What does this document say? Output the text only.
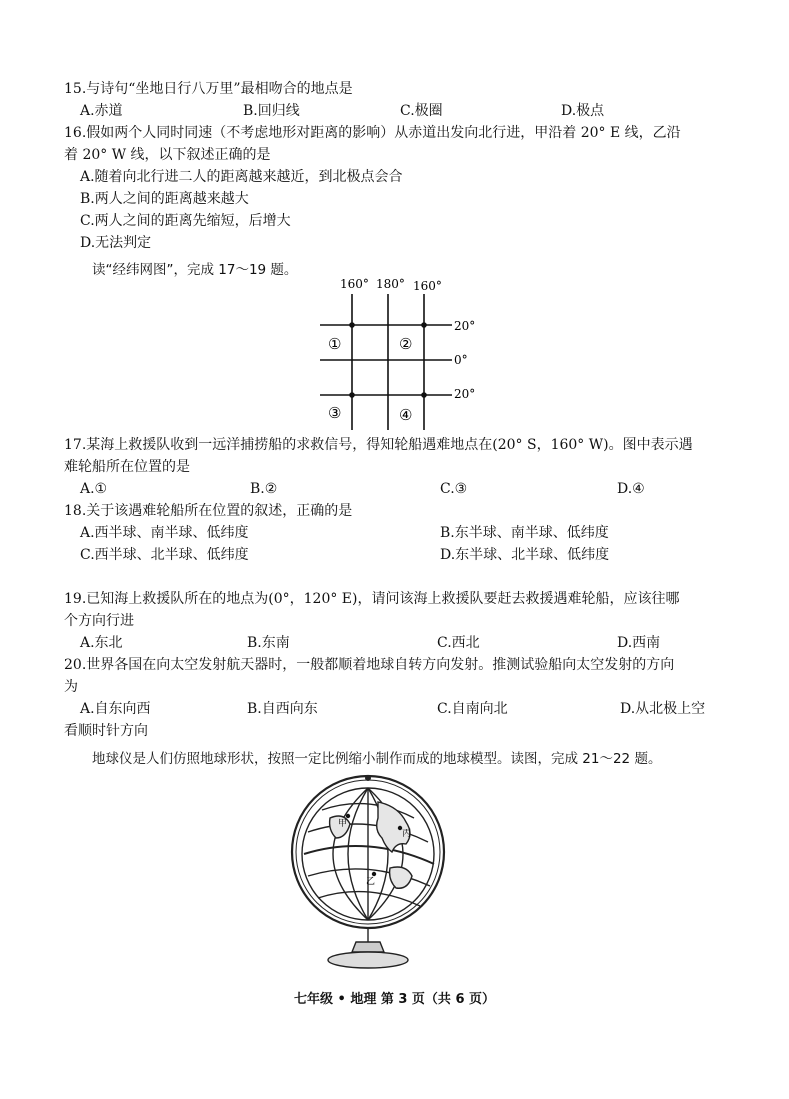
15.与诗句“坐地日行八万里”最相吻合的地点是
A.赤道	B.回归线	C.极圈	D.极点
16.假如两个人同时同速（不考虑地形对距离的影响）从赤道出发向北行进，甲沿着 20° E 线，乙沿
着 20° W 线，以下叙述正确的是
A.随着向北行进二人的距离越来越近，到北极点会合
B.两人之间的距离越来越大
C.两人之间的距离先缩短，后增大
D.无法判定
读“经纬网图”，完成 17～19 题。
160° 180° 160°
20°
0°
20°
①	②
③	④
17.某海上救援队收到一远洋捕捞船的求救信号，得知轮船遇难地点在(20° S，160° W)。图中表示遇
难轮船所在位置的是
A.①	B.②	C.③	D.④
18.关于该遇难轮船所在位置的叙述，正确的是
A.西半球、南半球、低纬度	B.东半球、南半球、低纬度
C.西半球、北半球、低纬度	D.东半球、北半球、低纬度
19.已知海上救援队所在的地点为(0°，120° E)，请问该海上救援队要赶去救援遇难轮船，应该往哪
个方向行进
A.东北	B.东南	C.西北	D.西南
20.世界各国在向太空发射航天器时，一般都顺着地球自转方向发射。推测试验船向太空发射的方向
为
A.自东向西	B.自西向东	C.自南向北	D.从北极上空
看顺时针方向
地球仪是人们仿照地球形状，按照一定比例缩小制作而成的地球模型。读图，完成 21～22 题。
甲
乙
丙
七年级 • 地理 第 3 页（共 6 页）
